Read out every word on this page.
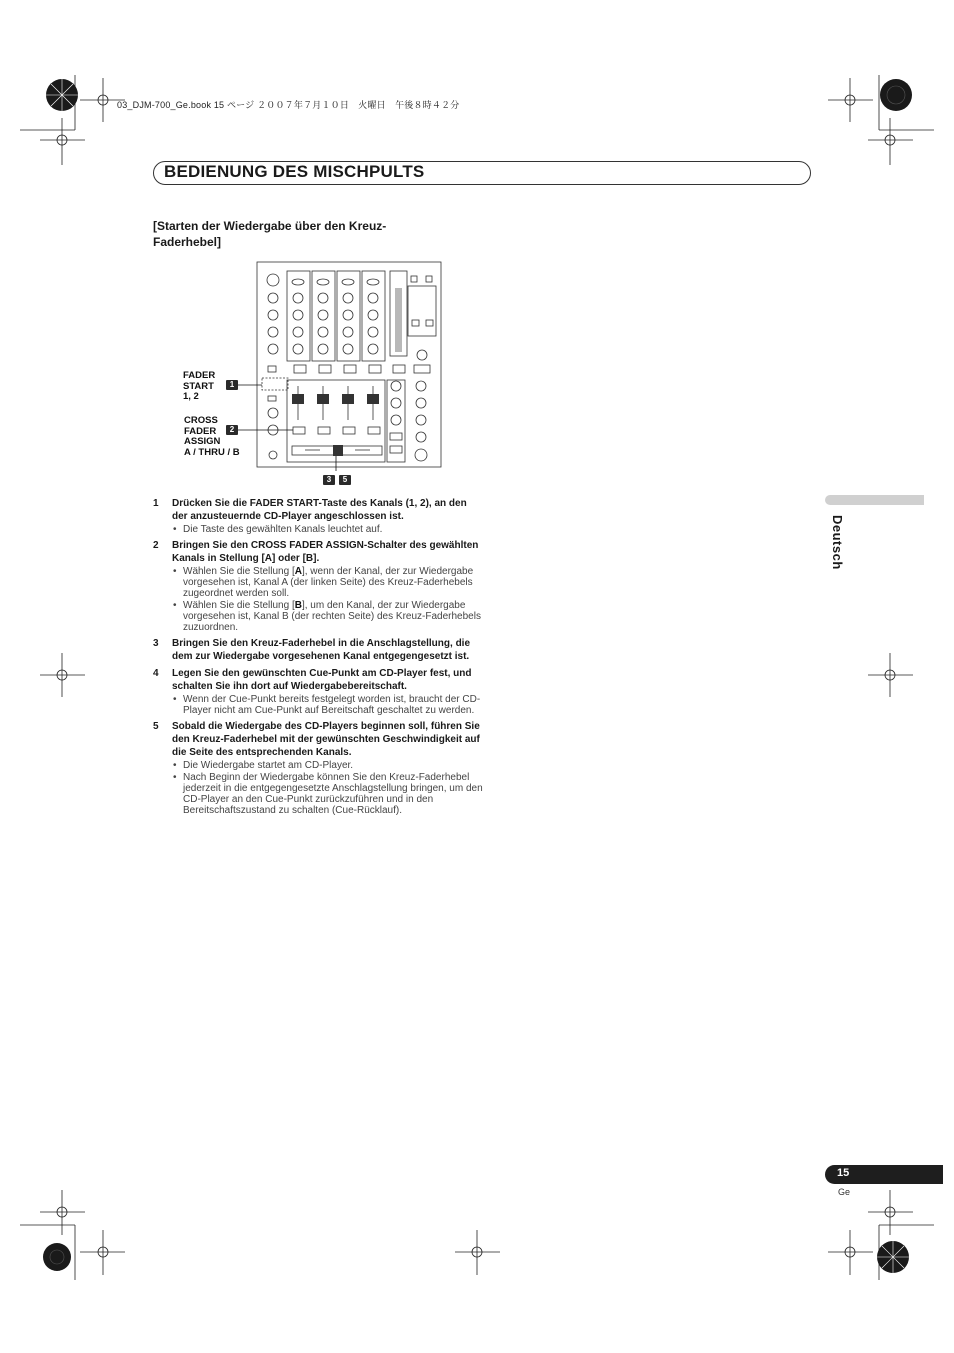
03_DJM-700_Ge.book 15 ページ ２００７年７月１０日　火曜日　午後８時４２分
BEDIENUNG DES MISCHPULTS
[Starten der Wiedergabe über den Kreuz-Faderhebel]
FADER
START
1, 2
1
CROSS
FADER
ASSIGN
A / THRU / B
2
3	5
1 Drücken Sie die FADER START-Taste des Kanals (1, 2), an den der anzusteuernde CD-Player angeschlossen ist.
• Die Taste des gewählten Kanals leuchtet auf.
2 Bringen Sie den CROSS FADER ASSIGN-Schalter des gewählten Kanals in Stellung [A] oder [B].
• Wählen Sie die Stellung [A], wenn der Kanal, der zur Wiedergabe vorgesehen ist, Kanal A (der linken Seite) des Kreuz-Faderhebels zugeordnet werden soll.
• Wählen Sie die Stellung [B], um den Kanal, der zur Wiedergabe vorgesehen ist, Kanal B (der rechten Seite) des Kreuz-Faderhebels zuzuordnen.
3 Bringen Sie den Kreuz-Faderhebel in die Anschlagstellung, die dem zur Wiedergabe vorgesehenen Kanal entgegengesetzt ist.
4 Legen Sie den gewünschten Cue-Punkt am CD-Player fest, und schalten Sie ihn dort auf Wiedergabebereitschaft.
• Wenn der Cue-Punkt bereits festgelegt worden ist, braucht der CD-Player nicht am Cue-Punkt auf Bereitschaft geschaltet zu werden.
5 Sobald die Wiedergabe des CD-Players beginnen soll, führen Sie den Kreuz-Faderhebel mit der gewünschten Geschwindigkeit auf die Seite des entsprechenden Kanals.
• Die Wiedergabe startet am CD-Player.
• Nach Beginn der Wiedergabe können Sie den Kreuz-Faderhebel jederzeit in die entgegengesetzte Anschlagstellung bringen, um den CD-Player an den Cue-Punkt zurückzuführen und in den Bereitschaftszustand zu schalten (Cue-Rücklauf).
Deutsch
15
Ge
